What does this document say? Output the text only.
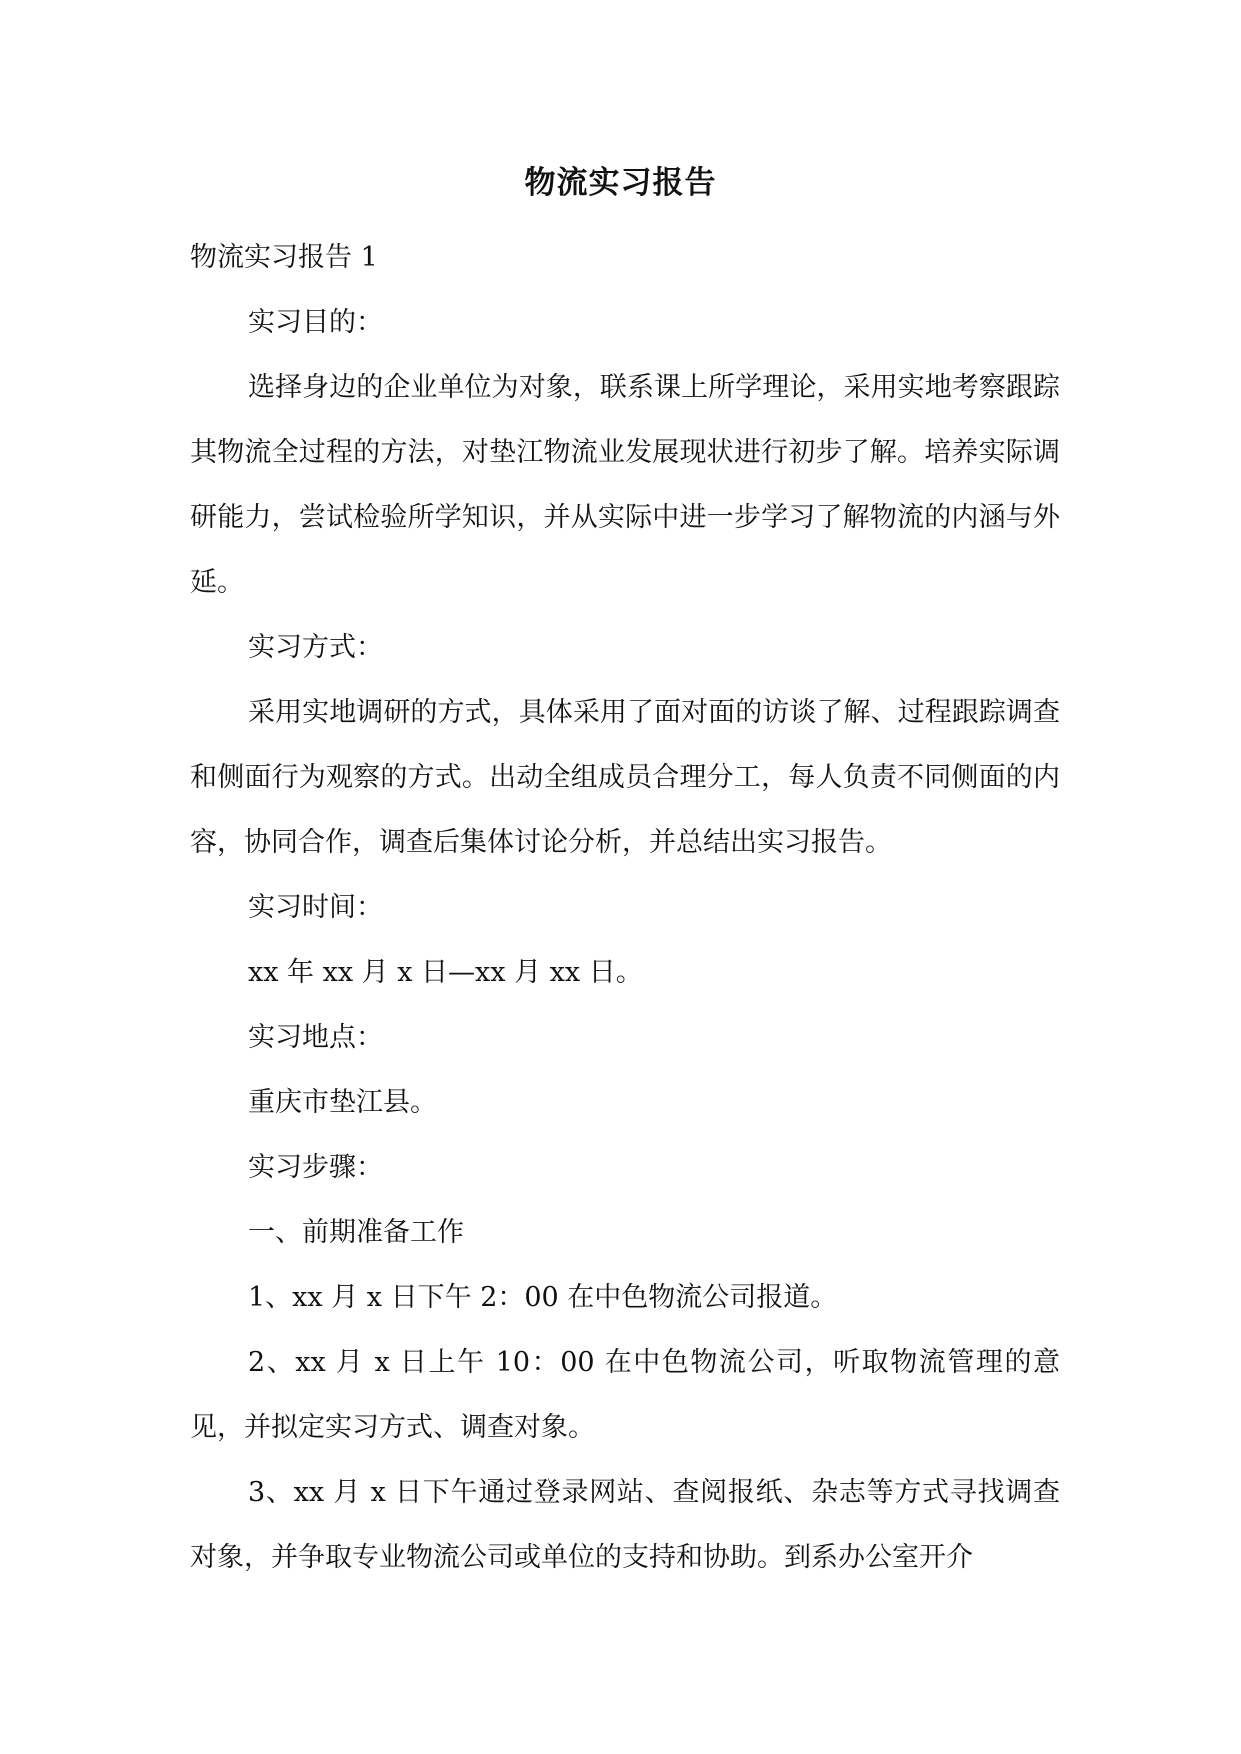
物流实习报告

物流实习报告 1

实习目的：

选择身边的企业单位为对象，联系课上所学理论，采用实地考察跟踪其物流全过程的方法，对垫江物流业发展现状进行初步了解。培养实际调研能力，尝试检验所学知识，并从实际中进一步学习了解物流的内涵与外延。

实习方式：

采用实地调研的方式，具体采用了面对面的访谈了解、过程跟踪调查和侧面行为观察的方式。出动全组成员合理分工，每人负责不同侧面的内容，协同合作，调查后集体讨论分析，并总结出实习报告。

实习时间：

xx 年 xx 月 x 日—xx 月 xx 日。

实习地点：

重庆市垫江县。

实习步骤：

一、前期准备工作

1、xx 月 x 日下午 2：00 在中色物流公司报道。

2、xx 月 x 日上午 10：00 在中色物流公司，听取物流管理的意见，并拟定实习方式、调查对象。

3、xx 月 x 日下午通过登录网站、查阅报纸、杂志等方式寻找调查对象，并争取专业物流公司或单位的支持和协助。到系办公室开介
